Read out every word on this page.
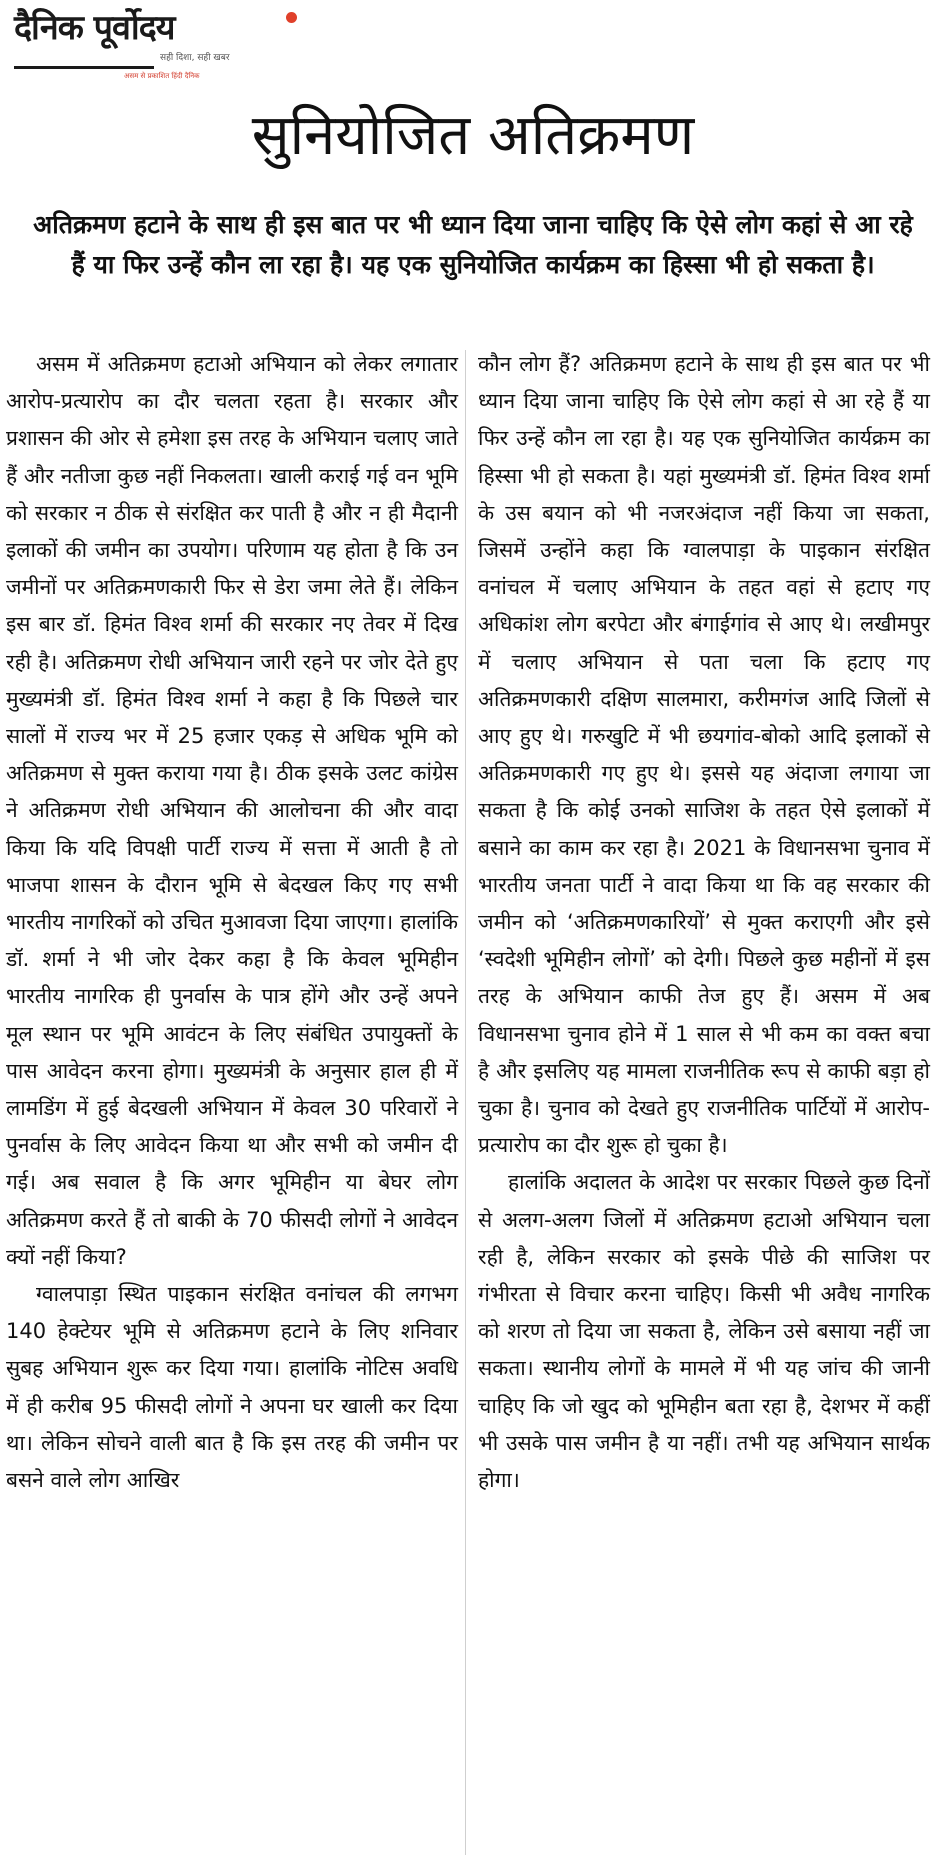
दैनिक पूर्वोदय
सही दिशा, सही खबर
असम से प्रकाशित हिंदी दैनिक
सुनियोजित अतिक्रमण

अतिक्रमण हटाने के साथ ही इस बात पर भी ध्यान दिया जाना चाहिए कि ऐसे लोग कहां से आ रहे हैं या फिर उन्हें कौन ला रहा है। यह एक सुनियोजित कार्यक्रम का हिस्सा भी हो सकता है।

असम में अतिक्रमण हटाओ अभियान को लेकर लगातार आरोप-प्रत्यारोप का दौर चलता रहता है। सरकार और प्रशासन की ओर से हमेशा इस तरह के अभियान चलाए जाते हैं और नतीजा कुछ नहीं निकलता। खाली कराई गई वन भूमि को सरकार न ठीक से संरक्षित कर पाती है और न ही मैदानी इलाकों की जमीन का उपयोग। परिणाम यह होता है कि उन जमीनों पर अतिक्रमणकारी फिर से डेरा जमा लेते हैं। लेकिन इस बार डॉ. हिमंत विश्व शर्मा की सरकार नए तेवर में दिख रही है। अतिक्रमण रोधी अभियान जारी रहने पर जोर देते हुए मुख्यमंत्री डॉ. हिमंत विश्व शर्मा ने कहा है कि पिछले चार सालों में राज्य भर में 25 हजार एकड़ से अधिक भूमि को अतिक्रमण से मुक्त कराया गया है। ठीक इसके उलट कांग्रेस ने अतिक्रमण रोधी अभियान की आलोचना की और वादा किया कि यदि विपक्षी पार्टी राज्य में सत्ता में आती है तो भाजपा शासन के दौरान भूमि से बेदखल किए गए सभी भारतीय नागरिकों को उचित मुआवजा दिया जाएगा। हालांकि डॉ. शर्मा ने भी जोर देकर कहा है कि केवल भूमिहीन भारतीय नागरिक ही पुनर्वास के पात्र होंगे और उन्हें अपने मूल स्थान पर भूमि आवंटन के लिए संबंधित उपायुक्तों के पास आवेदन करना होगा। मुख्यमंत्री के अनुसार हाल ही में लामडिंग में हुई बेदखली अभियान में केवल 30 परिवारों ने पुनर्वास के लिए आवेदन किया था और सभी को जमीन दी गई। अब सवाल है कि अगर भूमिहीन या बेघर लोग अतिक्रमण करते हैं तो बाकी के 70 फीसदी लोगों ने आवेदन क्यों नहीं किया?

ग्वालपाड़ा स्थित पाइकान संरक्षित वनांचल की लगभग 140 हेक्टेयर भूमि से अतिक्रमण हटाने के लिए शनिवार सुबह अभियान शुरू कर दिया गया। हालांकि नोटिस अवधि में ही करीब 95 फीसदी लोगों ने अपना घर खाली कर दिया था। लेकिन सोचने वाली बात है कि इस तरह की जमीन पर बसने वाले लोग आखिर

कौन लोग हैं? अतिक्रमण हटाने के साथ ही इस बात पर भी ध्यान दिया जाना चाहिए कि ऐसे लोग कहां से आ रहे हैं या फिर उन्हें कौन ला रहा है। यह एक सुनियोजित कार्यक्रम का हिस्सा भी हो सकता है। यहां मुख्यमंत्री डॉ. हिमंत विश्व शर्मा के उस बयान को भी नजरअंदाज नहीं किया जा सकता, जिसमें उन्होंने कहा कि ग्वालपाड़ा के पाइकान संरक्षित वनांचल में चलाए अभियान के तहत वहां से हटाए गए अधिकांश लोग बरपेटा और बंगाईगांव से आए थे। लखीमपुर में चलाए अभियान से पता चला कि हटाए गए अतिक्रमणकारी दक्षिण सालमारा, करीमगंज आदि जिलों से आए हुए थे। गरुखुटि में भी छयगांव-बोको आदि इलाकों से अतिक्रमणकारी गए हुए थे। इससे यह अंदाजा लगाया जा सकता है कि कोई उनको साजिश के तहत ऐसे इलाकों में बसाने का काम कर रहा है। 2021 के विधानसभा चुनाव में भारतीय जनता पार्टी ने वादा किया था कि वह सरकार की जमीन को ‘अतिक्रमणकारियों’ से मुक्त कराएगी और इसे ‘स्वदेशी भूमिहीन लोगों’ को देगी। पिछले कुछ महीनों में इस तरह के अभियान काफी तेज हुए हैं। असम में अब विधानसभा चुनाव होने में 1 साल से भी कम का वक्त बचा है और इसलिए यह मामला राजनीतिक रूप से काफी बड़ा हो चुका है। चुनाव को देखते हुए राजनीतिक पार्टियों में आरोप-प्रत्यारोप का दौर शुरू हो चुका है।

हालांकि अदालत के आदेश पर सरकार पिछले कुछ दिनों से अलग-अलग जिलों में अतिक्रमण हटाओ अभियान चला रही है, लेकिन सरकार को इसके पीछे की साजिश पर गंभीरता से विचार करना चाहिए। किसी भी अवैध नागरिक को शरण तो दिया जा सकता है, लेकिन उसे बसाया नहीं जा सकता। स्थानीय लोगों के मामले में भी यह जांच की जानी चाहिए कि जो खुद को भूमिहीन बता रहा है, देशभर में कहीं भी उसके पास जमीन है या नहीं। तभी यह अभियान सार्थक होगा।
